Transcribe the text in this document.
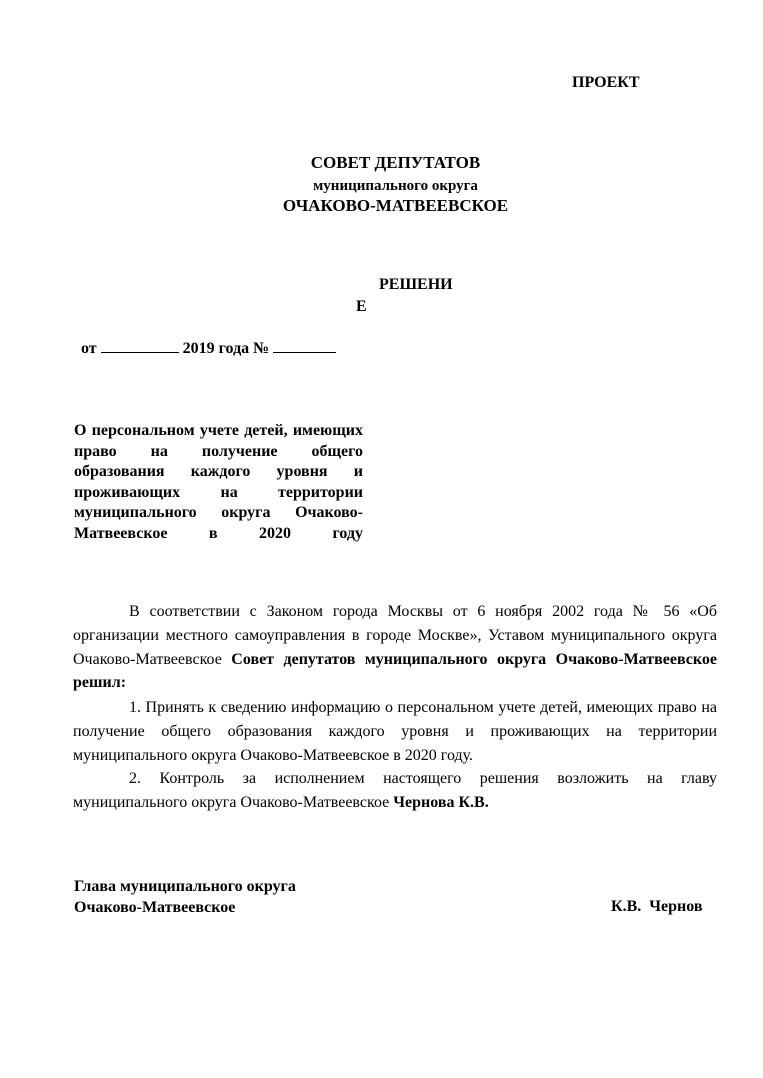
ПРОЕКТ
СОВЕТ ДЕПУТАТОВ
муниципального округа
ОЧАКОВО-МАТВЕЕВСКОЕ
РЕШЕНИ
Е
от	2019 года №
О персональном учете детей, имеющих право на получение общего образования каждого уровня и проживающих на территории муниципального округа Очаково-Матвеевское в 2020 году

В соответствии с Законом города Москвы от 6 ноября 2002 года № 56 «Об организации местного самоуправления в городе Москве», Уставом муниципального округа Очаково-Матвеевское Совет депутатов муниципального округа Очаково-Матвеевское решил:

1. Принять к сведению информацию о персональном учете детей, имеющих право на получение общего образования каждого уровня и проживающих на территории муниципального округа Очаково-Матвеевское в 2020 году.

2. Контроль за исполнением настоящего решения возложить на главу муниципального округа Очаково-Матвеевское Чернова К.В.

Глава муниципального округа
Очаково-Матвеевское	К.В.  Чернов
